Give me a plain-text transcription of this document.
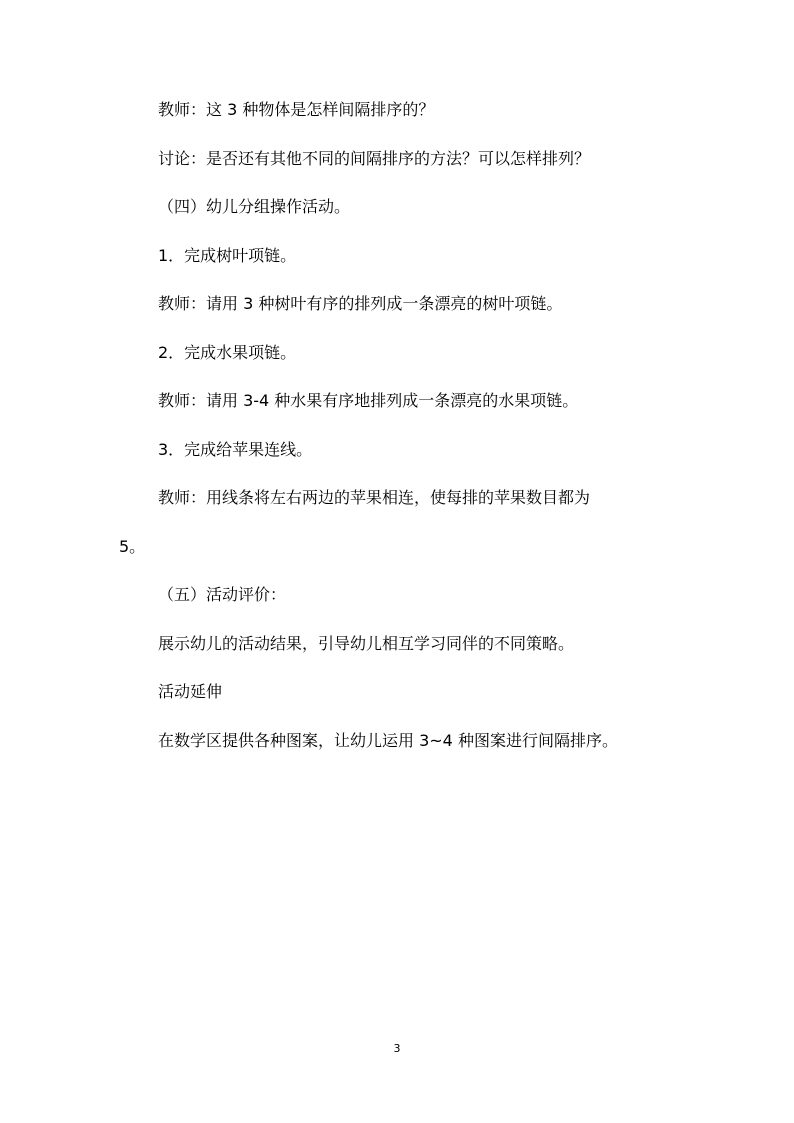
教师：这 3 种物体是怎样间隔排序的？
讨论：是否还有其他不同的间隔排序的方法？可以怎样排列？
（四）幼儿分组操作活动。
1．完成树叶项链。
教师：请用 3 种树叶有序的排列成一条漂亮的树叶项链。
2．完成水果项链。
教师：请用 3-4 种水果有序地排列成一条漂亮的水果项链。
3．完成给苹果连线。
教师：用线条将左右两边的苹果相连，使每排的苹果数目都为
5。
（五）活动评价：
展示幼儿的活动结果，引导幼儿相互学习同伴的不同策略。
活动延伸
在数学区提供各种图案，让幼儿运用 3~4 种图案进行间隔排序。
3
